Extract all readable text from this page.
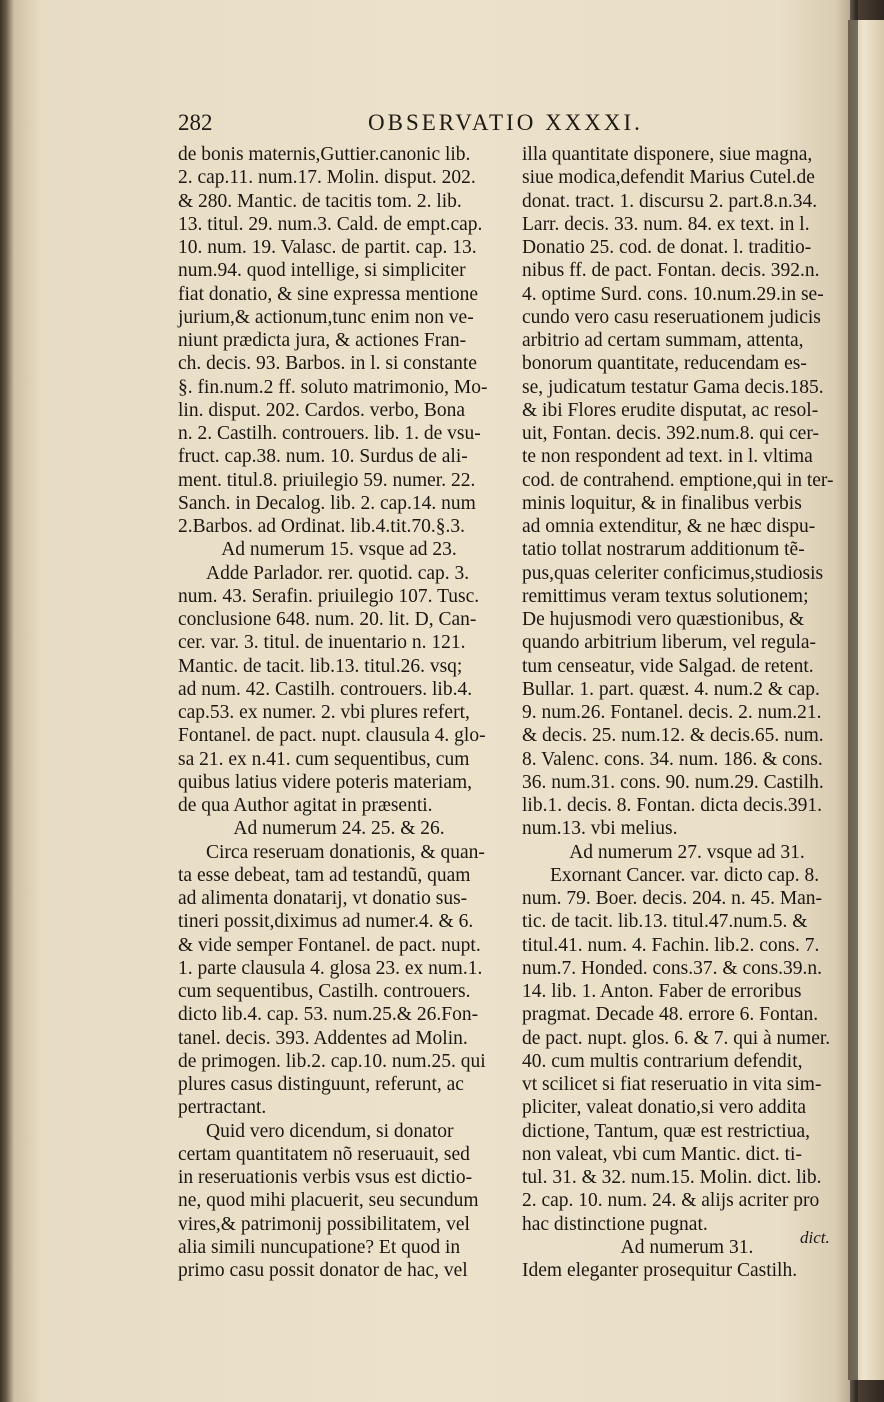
282	OBSERVATIO XXXXI.
de bonis maternis,Guttier.canonic lib.
2. cap.11. num.17. Molin. disput. 202.
& 280. Mantic. de tacitis tom. 2. lib.
13. titul. 29. num.3. Cald. de empt.cap.
10. num. 19. Valasc. de partit. cap. 13.
num.94. quod intellige, si simpliciter
fiat donatio, & sine expressa mentione
jurium,& actionum,tunc enim non ve-
niunt prædicta jura, & actiones Fran-
ch. decis. 93. Barbos. in l. si constante
§. fin.num.2 ff. soluto matrimonio, Mo-
lin. disput. 202. Cardos. verbo, Bona
n. 2. Castilh. controuers. lib. 1. de vsu-
fruct. cap.38. num. 10. Surdus de ali-
ment. titul.8. priuilegio 59. numer. 22.
Sanch. in Decalog. lib. 2. cap.14. num
2.Barbos. ad Ordinat. lib.4.tit.70.§.3.
Ad numerum 15. vsque ad 23.
Adde Parlador. rer. quotid. cap. 3.
num. 43. Serafin. priuilegio 107. Tusc.
conclusione 648. num. 20. lit. D, Can-
cer. var. 3. titul. de inuentario n. 121.
Mantic. de tacit. lib.13. titul.26. vsq;
ad num. 42. Castilh. controuers. lib.4.
cap.53. ex numer. 2. vbi plures refert,
Fontanel. de pact. nupt. clausula 4. glo-
sa 21. ex n.41. cum sequentibus, cum
quibus latius videre poteris materiam,
de qua Author agitat in præsenti.
Ad numerum 24. 25. & 26.
Circa reseruam donationis, & quan-
ta esse debeat, tam ad testandũ, quam
ad alimenta donatarij, vt donatio sus-
tineri possit,diximus ad numer.4. & 6.
& vide semper Fontanel. de pact. nupt.
1. parte clausula 4. glosa 23. ex num.1.
cum sequentibus, Castilh. controuers.
dicto lib.4. cap. 53. num.25.& 26.Fon-
tanel. decis. 393. Addentes ad Molin.
de primogen. lib.2. cap.10. num.25. qui
plures casus distinguunt, referunt, ac
pertractant.
Quid vero dicendum, si donator
certam quantitatem nõ reseruauit, sed
in reseruationis verbis vsus est dictio-
ne, quod mihi placuerit, seu secundum
vires,& patrimonij possibilitatem, vel
alia simili nuncupatione? Et quod in
primo casu possit donator de hac, vel
illa quantitate disponere, siue magna,
siue modica,defendit Marius Cutel.de
donat. tract. 1. discursu 2. part.8.n.34.
Larr. decis. 33. num. 84. ex text. in l.
Donatio 25. cod. de donat. l. traditio-
nibus ff. de pact. Fontan. decis. 392.n.
4. optime Surd. cons. 10.num.29.in se-
cundo vero casu reseruationem judicis
arbitrio ad certam summam, attenta,
bonorum quantitate, reducendam es-
se, judicatum testatur Gama decis.185.
& ibi Flores erudite disputat, ac resol-
uit, Fontan. decis. 392.num.8. qui cer-
te non respondent ad text. in l. vltima
cod. de contrahend. emptione,qui in ter-
minis loquitur, & in finalibus verbis
ad omnia extenditur, & ne hæc dispu-
tatio tollat nostrarum additionum tẽ-
pus,quas celeriter conficimus,studiosis
remittimus veram textus solutionem;
De hujusmodi vero quæstionibus, &
quando arbitrium liberum, vel regula-
tum censeatur, vide Salgad. de retent.
Bullar. 1. part. quæst. 4. num.2 & cap.
9. num.26. Fontanel. decis. 2. num.21.
& decis. 25. num.12. & decis.65. num.
8. Valenc. cons. 34. num. 186. & cons.
36. num.31. cons. 90. num.29. Castilh.
lib.1. decis. 8. Fontan. dicta decis.391.
num.13. vbi melius.
Ad numerum 27. vsque ad 31.
Exornant Cancer. var. dicto cap. 8.
num. 79. Boer. decis. 204. n. 45. Man-
tic. de tacit. lib.13. titul.47.num.5. &
titul.41. num. 4. Fachin. lib.2. cons. 7.
num.7. Honded. cons.37. & cons.39.n.
14. lib. 1. Anton. Faber de erroribus
pragmat. Decade 48. errore 6. Fontan.
de pact. nupt. glos. 6. & 7. qui à numer.
40. cum multis contrarium defendit,
vt scilicet si fiat reseruatio in vita sim-
pliciter, valeat donatio,si vero addita
dictione, Tantum, quæ est restrictiua,
non valeat, vbi cum Mantic. dict. ti-
tul. 31. & 32. num.15. Molin. dict. lib.
2. cap. 10. num. 24. & alijs acriter pro
hac distinctione pugnat.
Ad numerum 31.
Idem eleganter prosequitur Castilh.
dict.
